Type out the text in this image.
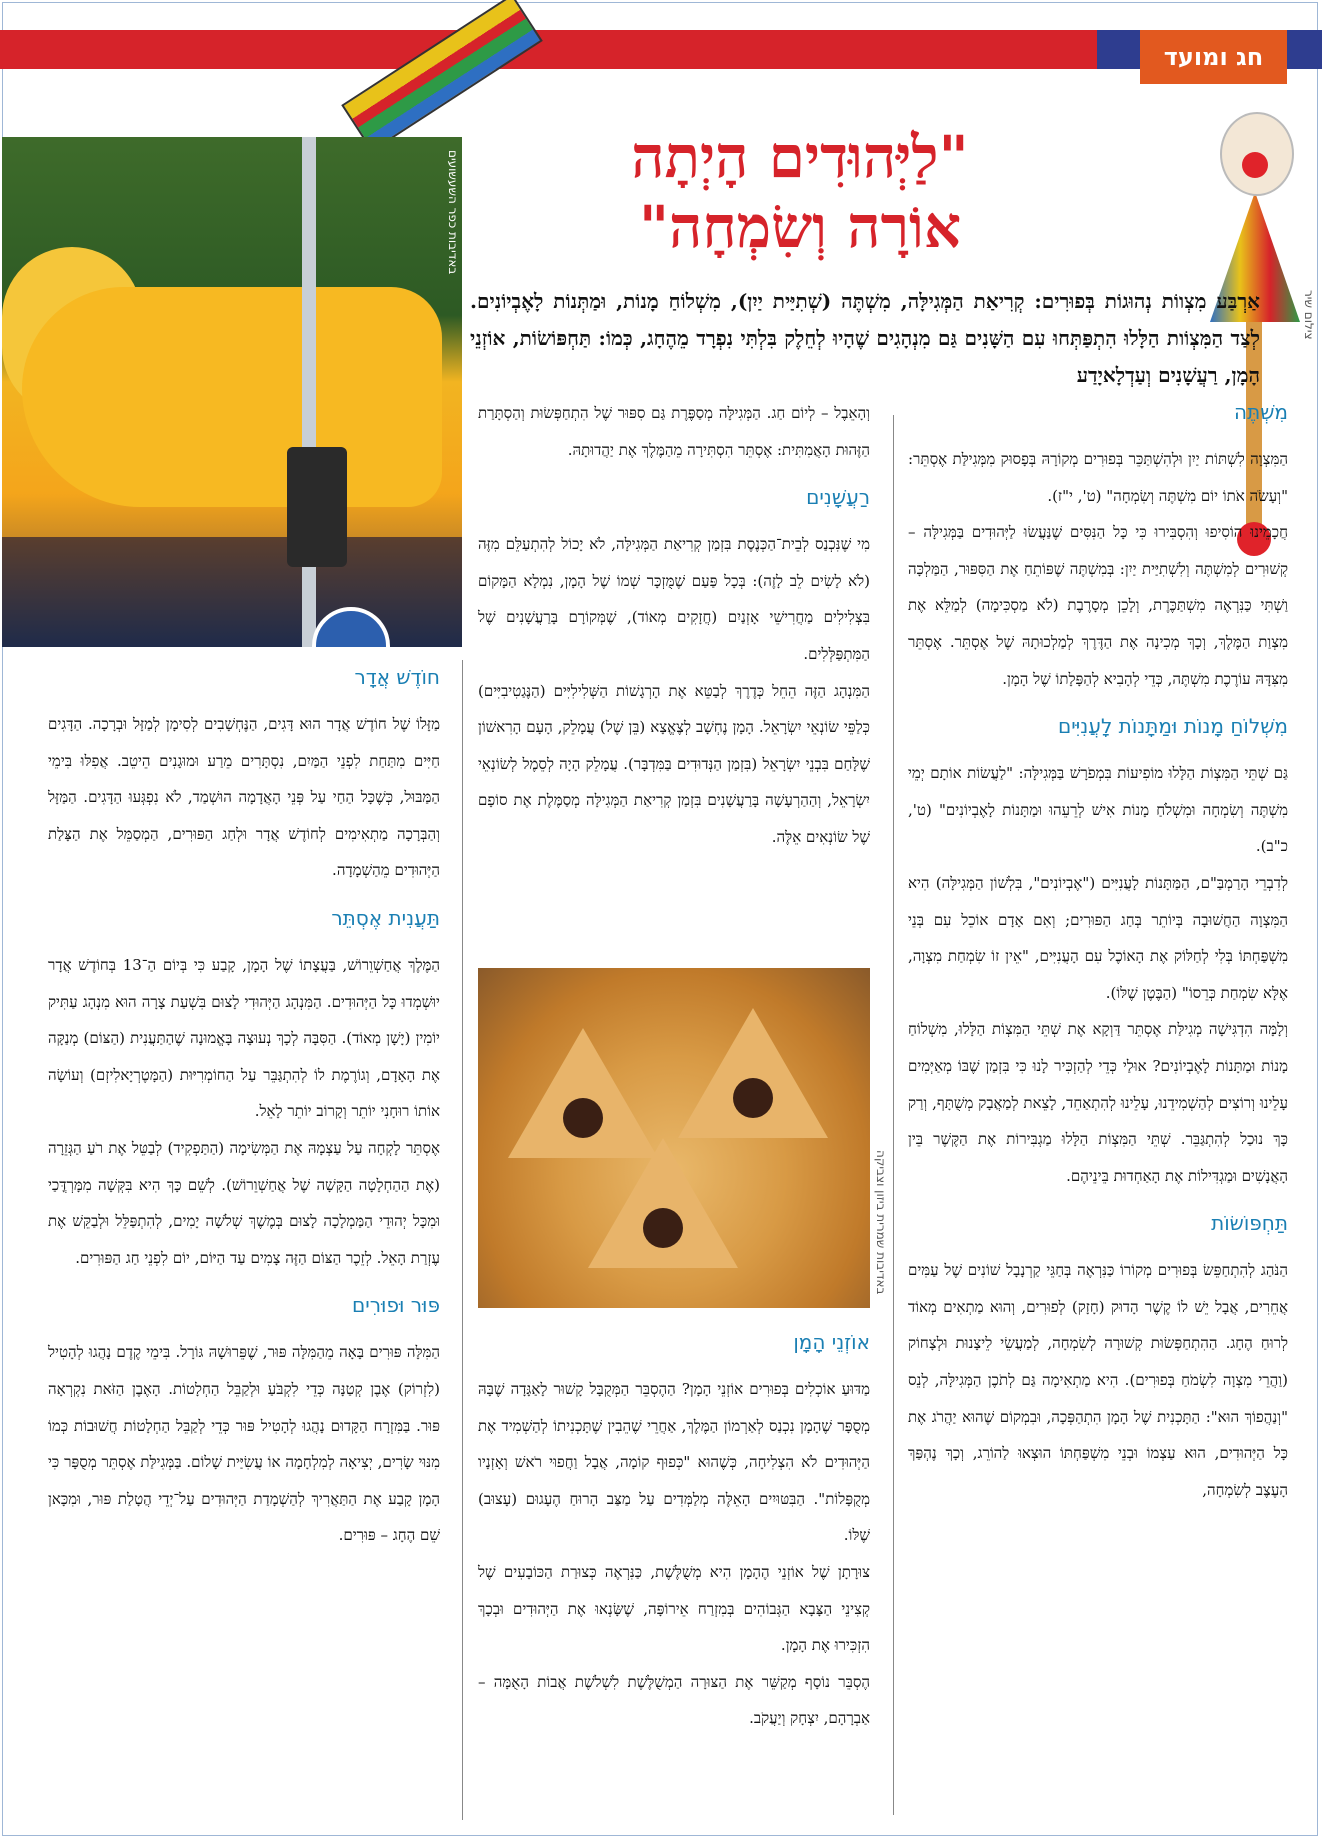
חג ומועד
צילום שיר
"לַיְּהוּדִים הָיְתָה
אוֹרָה וְשִׂמְחָה"

אַרְבַּע מִצְווֹת נְהוּגוֹת בְּפוּרִים: קְרִיאַת הַמְּגִילָּה, מִשְׁתֶּה (שְׁתִיַּית יַיִן), מִשְׁלוֹחַ מָנוֹת, וּמַתְּנוֹת לָאֶבְיוֹנִים. לְצַד הַמִּצְוֹות הַלָּלוּ הִתְפַּתְּחוּ עִם הַשָּׁנִים גַּם מִנְהָגִים שֶׁהָיוּ לְחֵלֶק בִּלְתִּי נִפְרָד מֵהֶחָג, כְּמוֹ: תַּחְפּוֹשׂוֹת, אוֹזְנֵי הָמָן, רַעֲשָׁנִים וְעַדְלָאיָדַע

באדיבות כפר השעשועים
מִשְׁתֶּה

הַמִּצְוָה לִשְׁתּוֹת יַיִן וּלְהִשְׁתַּכֵּר בְּפוּרִים מְקוֹרָהּ בְּפָסוּק מִמְּגִילַּת אֶסְתֵּר: "וְעָשֹׂה אֹתוֹ יוֹם מִשְׁתֶּה וְשִׂמְחָה" (ט', י"ז).

חֲכָמֵינוּ הוֹסִיפוּ וְהִסְבִּירוּ כִּי כָּל הַנִּסִּים שֶׁנַּעֲשׂוּ לַיְּהוּדִים בַּמְּגִילָּה – קְשׁוּרִים לְמִשְׁתֶּה וְלִשְׁתִיַּית יַיִן: בְּמִשְׁתֶּה שֶׁפּוֹתֵחַ אֶת הַסִּפּוּר, הַמַּלְכָּה וַשְׁתִּי כַּנִּרְאֶה מִשְׁתַּכֶּרֶת, וְלָכֵן מְסָרֶבֶת (לֹא מַסְכִּימָה) לְמַלֵּא אֶת מִצְוַת הַמֶּלֶךְ, וְכָךְ מְכִינָה אֶת הַדֶּרֶךְ לְמַלְכוּתָהּ שֶׁל אֶסְתֵּר. אֶסְתֵּר מִצִּדָּהּ עוֹרֶכֶת מִשְׁתֶּה, כְּדֵי לְהָבִיא לְהַפָּלָתוֹ שֶׁל הָמָן.

מִשְׁלוֹחַ מָנוֹת וּמַתָּנוֹת לָעֲנִיִּים

גַּם שְׁתֵּי הַמִּצְוֹת הַלָּלוּ מוֹפִיעוֹת בִּמְפֹרָשׁ בַּמְּגִילָּה: "לַעֲשׂוֹת אוֹתָם יְמֵי מִשְׁתֶּה וְשִׂמְחָה וּמִשְׁלֹחַ מָנוֹת אִישׁ לְרֵעֵהוּ וּמַתָּנוֹת לָאֶבְיוֹנִים" (ט', כ"ב).

לְדִבְרֵי הָרַמְבַּ"ם, הַמַּתָּנוֹת לָעֲנִיִּים ("אֶבְיוֹנִים", בִּלְשׁוֹן הַמְּגִילָּה) הִיא הַמִּצְוָה הַחֲשׁוּבָה בְּיוֹתֵר בְּחַג הַפּוּרִים; וְאִם אָדָם אוֹכֵל עִם בְּנֵי מִשְׁפַּחְתּוֹ בְּלִי לְחַלּוֹק אֶת הָאוֹכֶל עִם הָעֲנִיִּים, "אֵין זוֹ שִׂמְחַת מִצְוָה, אֶלָּא שִׂמְחַת כְּרֵסוֹ" (הַבֶּטֶן שֶׁלּוֹ).

וְלָמָּה הִדְגִּישָׁה מְגִילַּת אֶסְתֵּר דַּוְקָא אֶת שְׁתֵּי הַמִּצְוֹת הַלָּלוּ, מִשְׁלוֹחַ מָנוֹת וּמַתָּנוֹת לָאֶבְיוֹנִים? אוּלַי כְּדֵי לְהַזְכִּיר לָנוּ כִּי בִּזְמַן שֶׁבּוֹ מְאַיְּמִים עָלֵינוּ וְרוֹצִים לְהַשְׁמִידֵנוּ, עָלֵינוּ לְהִתְאַחֵד, לָצֵאת לְמַאֲבָק מְשֻׁתָּף, וְרַק כָּךְ נוּכַל לְהִתְגַּבֵּר. שְׁתֵּי הַמִּצְוֹת הַלָּלוּ מַגְבִּירוֹת אֶת הַקֶּשֶׁר בֵּין הָאֲנָשִׁים וּמַגְדִּילוֹת אֶת הָאַחְדוּת בֵּינֵיהֶם.

תַּחְפּוֹשׂוֹת

הַנֹּהַג לְהִתְחַפֵּשׂ בְּפוּרִים מְקוֹרוֹ כַּנִּרְאֶה בְּחַגֵּי קַרְנָבָל שׁוֹנִים שֶׁל עַמִּים אֲחֵרִים, אֲבָל יֵשׁ לוֹ קֶשֶׁר הָדוּק (חָזָק) לְפוּרִים, וְהוּא מַתְאִים מְאוֹד לְרוּחַ הֶחָג. הַהִתְחַפְּשׂוּת קְשׁוּרָה לְשִׂמְחָה, לְמַעֲשֵׂי לֵיצָנוּת וּלְצָחוֹק (וַהֲרֵי מִצְוָה לִשְׂמֹחַ בְּפוּרִים). הִיא מַתְאִימָה גַּם לְתֹכֶן הַמְּגִילָּה, לְנֵס "וְנַהֲפוֹךְ הוּא": הַתָּכְנִית שֶׁל הָמָן הִתְהַפְּכָה, וּבִמְקוֹם שֶׁהוּא יַהֲרֹג אֶת כָּל הַיְּהוּדִים, הוּא עַצְמוֹ וּבְנֵי מִשְׁפַּחְתּוֹ הוּצְאוּ לַהוֹרֵג, וְכָךְ נֶהְפַּךְ הָעֶצֶב לְשִׂמְחָה,

וְהָאֵבֶל – לְיוֹם חַג. הַמְּגִילָּה מְסַפֶּרֶת גַּם סִפּוּר שֶׁל הִתְחַפְּשׂוּת וְהַסְתָּרַת הַזֶּהוּת הָאֲמִתִּית: אֶסְתֵּר הִסְתִּירָה מֵהַמֶּלֶךְ אֶת יַהֲדוּתָהּ.

רַעֲשָׁנִים

מִי שֶׁנִּכְנַס לְבֵית־הַכְּנֶסֶת בִּזְמַן קְרִיאַת הַמְּגִילָּה, לֹא יָכוֹל לְהִתְעַלֵּם מִזֶּה (לֹא לָשִׂים לֵב לָזֶה): בְּכָל פַּעַם שֶׁמֻּזְכָּר שְׁמוֹ שֶׁל הָמָן, נִמְלָא הַמָּקוֹם בִּצְלִילִים מַחֲרִישֵׁי אָזְנַיִם (חֲזָקִים מְאוֹד), שֶׁמְּקוֹרָם בָּרַעֲשָׁנִים שֶׁל הַמִּתְפַּלְּלִים.

הַמִּנְהָג הַזֶּה הֵחֵל כְּדֶרֶךְ לְבַטֵּא אֶת הָרְגָשׁוֹת הַשְּׁלִילִיִּים (הַנֶּגַטִיבִיִּים) כְּלַפֵּי שׂוֹנְאֵי יִשְׂרָאֵל. הָמָן נֶחְשָׁב לְצֶאֱצָא (בֵּן שֶׁל) עֲמָלֵק, הָעָם הָרִאשׁוֹן שֶׁלָּחַם בִּבְנֵי יִשְׂרָאֵל (בִּזְמַן הַנְּדוּדִים בַּמִּדְבָּר). עֲמָלֵק הָיָה לְסֵמֶל לְשׂוֹנְאֵי יִשְׂרָאֵל, וְהַהַרְעָשָׁה בָּרַעֲשָׁנִים בִּזְמַן קְרִיאַת הַמְּגִילָּה מְסַמֶּלֶת אֶת סוֹפָם שֶׁל שׂוֹנְאִים אֵלֶּה.

באדיבות שמרית ביזון וצביקה
אוֹזְנֵי הָמָן

מַדּוּעַ אוֹכְלִים בְּפוּרִים אוֹזְנֵי הָמָן? הַהֶסְבֵּר הַמְּקֻבָּל קָשׁוּר לָאַגָּדָה שֶׁבָּהּ מְסֻפָּר שֶׁהָמָן נִכְנַס לְאַרְמוֹן הַמֶּלֶךְ, אַחֲרֵי שֶׁהֵבִין שֶׁתָּכְנִיתוֹ לְהַשְׁמִיד אֶת הַיְּהוּדִים לֹא הִצְלִיחָה, כְּשֶׁהוּא "כְּפוּף קוֹמָה, אֲבָל וַחֲפוּי רֹאשׁ וְאָזְנָיו מְקֻפָּלוֹת". הַבִּטּוּיִים הָאֵלֶּה מְלַמְּדִים עַל מַצַּב הָרוּחַ הֶעָגוּם (עָצוּב) שֶׁלּוֹ.

צוּרָתָן שֶׁל אוֹזְנֵי הֶהָמָן הִיא מְשֻׁלֶּשֶׁת, כַּנִּרְאֶה כְּצוּרַת הַכּוֹבָעִים שֶׁל קְצִינֵי הַצָּבָא הַגְּבוֹהִים בְּמִזְרַח אֵירוֹפָּה, שֶׁשָּׂנְאוּ אֶת הַיְּהוּדִים וּבְכָךְ הִזְכִּירוּ אֶת הָמָן.

הֶסְבֵּר נוֹסָף מְקַשֵּׁר אֶת הַצּוּרָה הַמְשֻׁלֶּשֶׁת לִשְׁלֹשֶׁת אֲבוֹת הָאֻמָּה – אַבְרָהָם, יִצְחָק וְיַעֲקֹב.

חוֹדֶשׁ אֲדָר

מַזָּלוֹ שֶׁל חוֹדֶשׁ אֲדָר הוּא דָּגִים, הַנֶּחְשָׁבִים לְסִימָן לְמַזָּל וּבְרָכָה. הַדָּגִים חַיִּים מִתַּחַת לִפְנֵי הַמַּיִם, נִסְתָּרִים מֵרַע וּמוּגָנִים הֵיטֵב. אֲפִלּוּ בִּימֵי הַמַּבּוּל, כְּשֶׁכָּל הַחַי עַל פְּנֵי הָאֲדָמָה הוּשְׁמַד, לֹא נִפְגְּעוּ הַדָּגִים. הַמַּזָּל וְהַבְּרָכָה מַתְאִימִים לְחוֹדֶשׁ אֲדָר וּלְחַג הַפּוּרִים, הַמְסַמֵּל אֶת הַצָּלַת הַיְּהוּדִים מֵהַשְׁמָדָה.

תַּעֲנִית אֶסְתֵּר

הַמֶּלֶךְ אֲחַשְׁוֵרוֹשׁ, בַּעֲצָתוֹ שֶׁל הָמָן, קָבַע כִּי בְּיוֹם הַ־13 בְּחוֹדֶשׁ אֲדָר יוּשְׁמְדוּ כָּל הַיְּהוּדִים. הַמִּנְהָג הַיְּהוּדִי לָצוּם בִּשְׁעַת צָרָה הוּא מִנְהָג עַתִּיק יוֹמִין (יָשָׁן מְאוֹד). הַסִּבָּה לְכָךְ נְעוּצָה בָּאֱמוּנָה שֶׁהַתַּעֲנִית (הַצּוֹם) מְנַקָּה אֶת הָאָדָם, וְגוֹרֶמֶת לוֹ לְהִתְגַּבֵּר עַל הַחוֹמְרִיּוּת (הַמָּטֶרְיָאלִיזְם) וְעוֹשָׂה אוֹתוֹ רוּחָנִי יוֹתֵר וְקָרוֹב יוֹתֵר לָאֵל.

אֶסְתֵּר לָקְחָה עַל עַצְמָהּ אֶת הַמְּשִׂימָה (הַתַּפְקִיד) לְבַטֵּל אֶת רֹעַ הַגְּזֵרָה (אֶת הַהַחְלָטָה הַקָּשָׁה שֶׁל אֲחַשְׁוֵרוֹשׁ). לְשֵׁם כָּךְ הִיא בִּקְּשָׁה מִמָּרְדֳּכַי וּמִכָּל יְהוּדֵי הַמַּמְלָכָה לָצוּם בְּמֶשֶׁךְ שְׁלֹשָׁה יָמִים, לְהִתְפַּלֵּל וּלְבַקֵּשׁ אֶת עֶזְרַת הָאֵל. לְזֵכֶר הַצּוֹם הַזֶּה צָמִים עַד הַיּוֹם, יוֹם לִפְנֵי חַג הַפּוּרִים.

פּוּר וּפוּרִים

הַמִּלָּה פּוּרִים בָּאָה מֵהַמִּלָּה פּוּר, שֶׁפֵּרוּשָׁהּ גּוֹרָל. בִּימֵי קֶדֶם נָהֲגוּ לְהָטִיל (לִזְרוֹק) אֶבֶן קְטַנָּה כְּדֵי לִקְבֹּעַ וּלְקַבֵּל הַחְלָטוֹת. הָאֶבֶן הַזֹּאת נִקְרְאָה פּוּר. בַּמִּזְרָח הַקָּדוּם נָהֲגוּ לְהָטִיל פּוּר כְּדֵי לְקַבֵּל הַחְלָטוֹת חֲשׁוּבוֹת כְּמוֹ מִנּוּי שָׂרִים, יְצִיאָה לְמִלְחָמָה אוֹ עֲשִׂיַּית שָׁלוֹם. בַּמְּגִילַּת אֶסְתֵּר מְסֻפָּר כִּי הָמָן קָבַע אֶת הַתַּאֲרִיךְ לְהַשְׁמָדַת הַיְּהוּדִים עַל־יְדֵי הֲטָלַת פּוּר, וּמִכָּאן שֵׁם הֶחָג – פּוּרִים.
